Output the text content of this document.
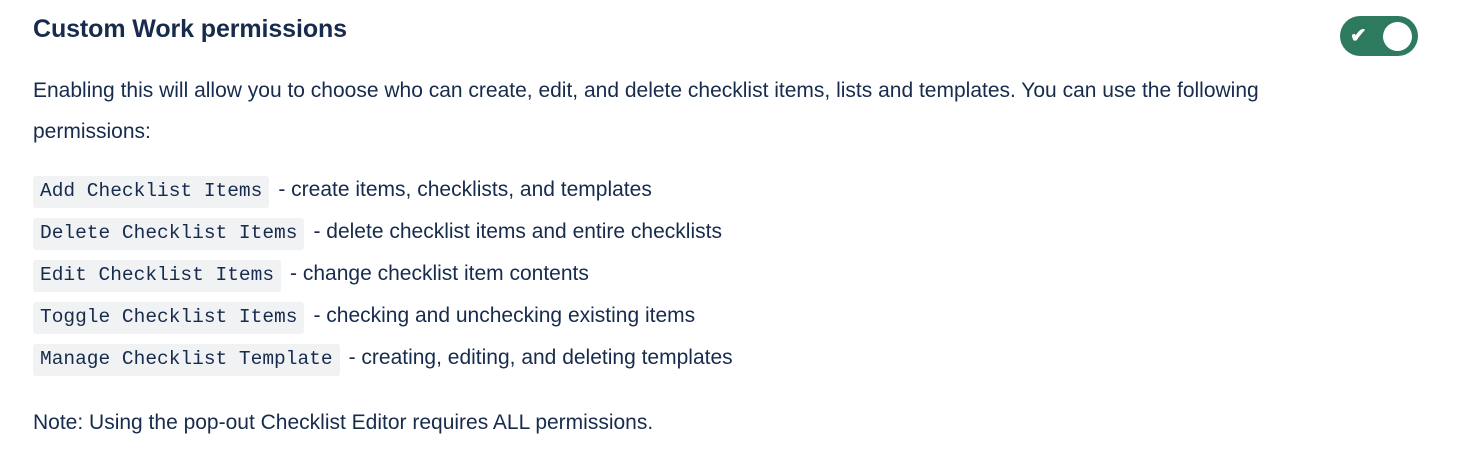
Custom Work permissions	✔
Enabling this will allow you to choose who can create, edit, and delete checklist items, lists and templates. You can use the following permissions:
Add Checklist Items - create items, checklists, and templates
Delete Checklist Items - delete checklist items and entire checklists
Edit Checklist Items - change checklist item contents
Toggle Checklist Items - checking and unchecking existing items
Manage Checklist Template - creating, editing, and deleting templates
Note: Using the pop-out Checklist Editor requires ALL permissions.
